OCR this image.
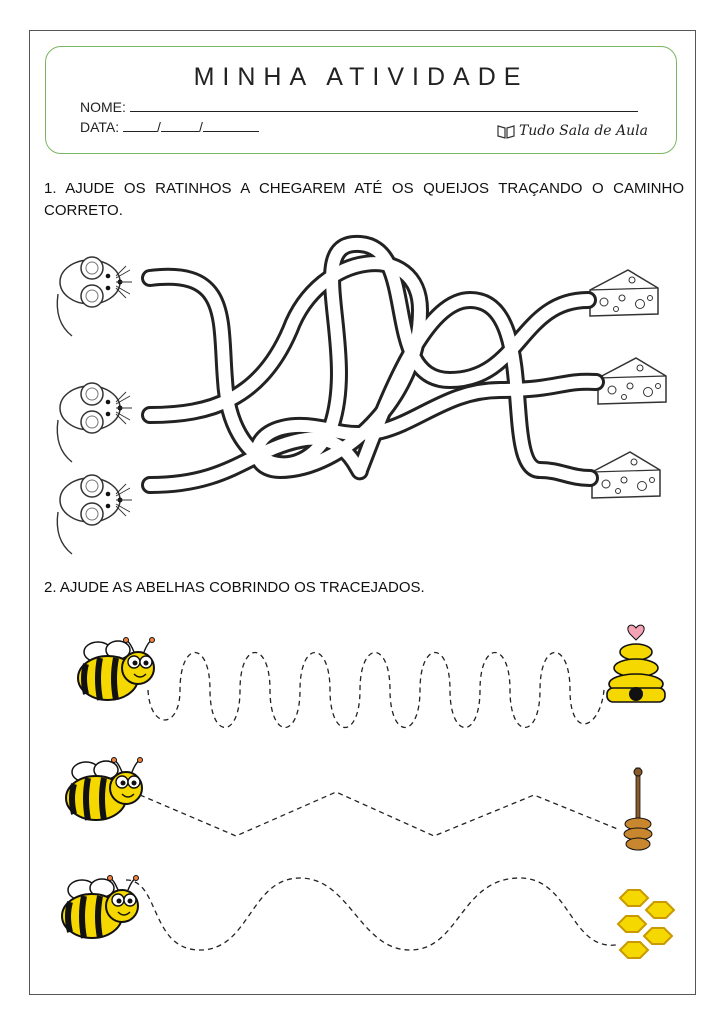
MINHA ATIVIDADE
NOME:
DATA:	/	/	Tudo Sala de Aula
1. AJUDE OS RATINHOS A CHEGAREM ATÉ OS QUEIJOS TRAÇANDO O CAMINHO CORRETO.
2. AJUDE AS ABELHAS COBRINDO OS TRACEJADOS.
